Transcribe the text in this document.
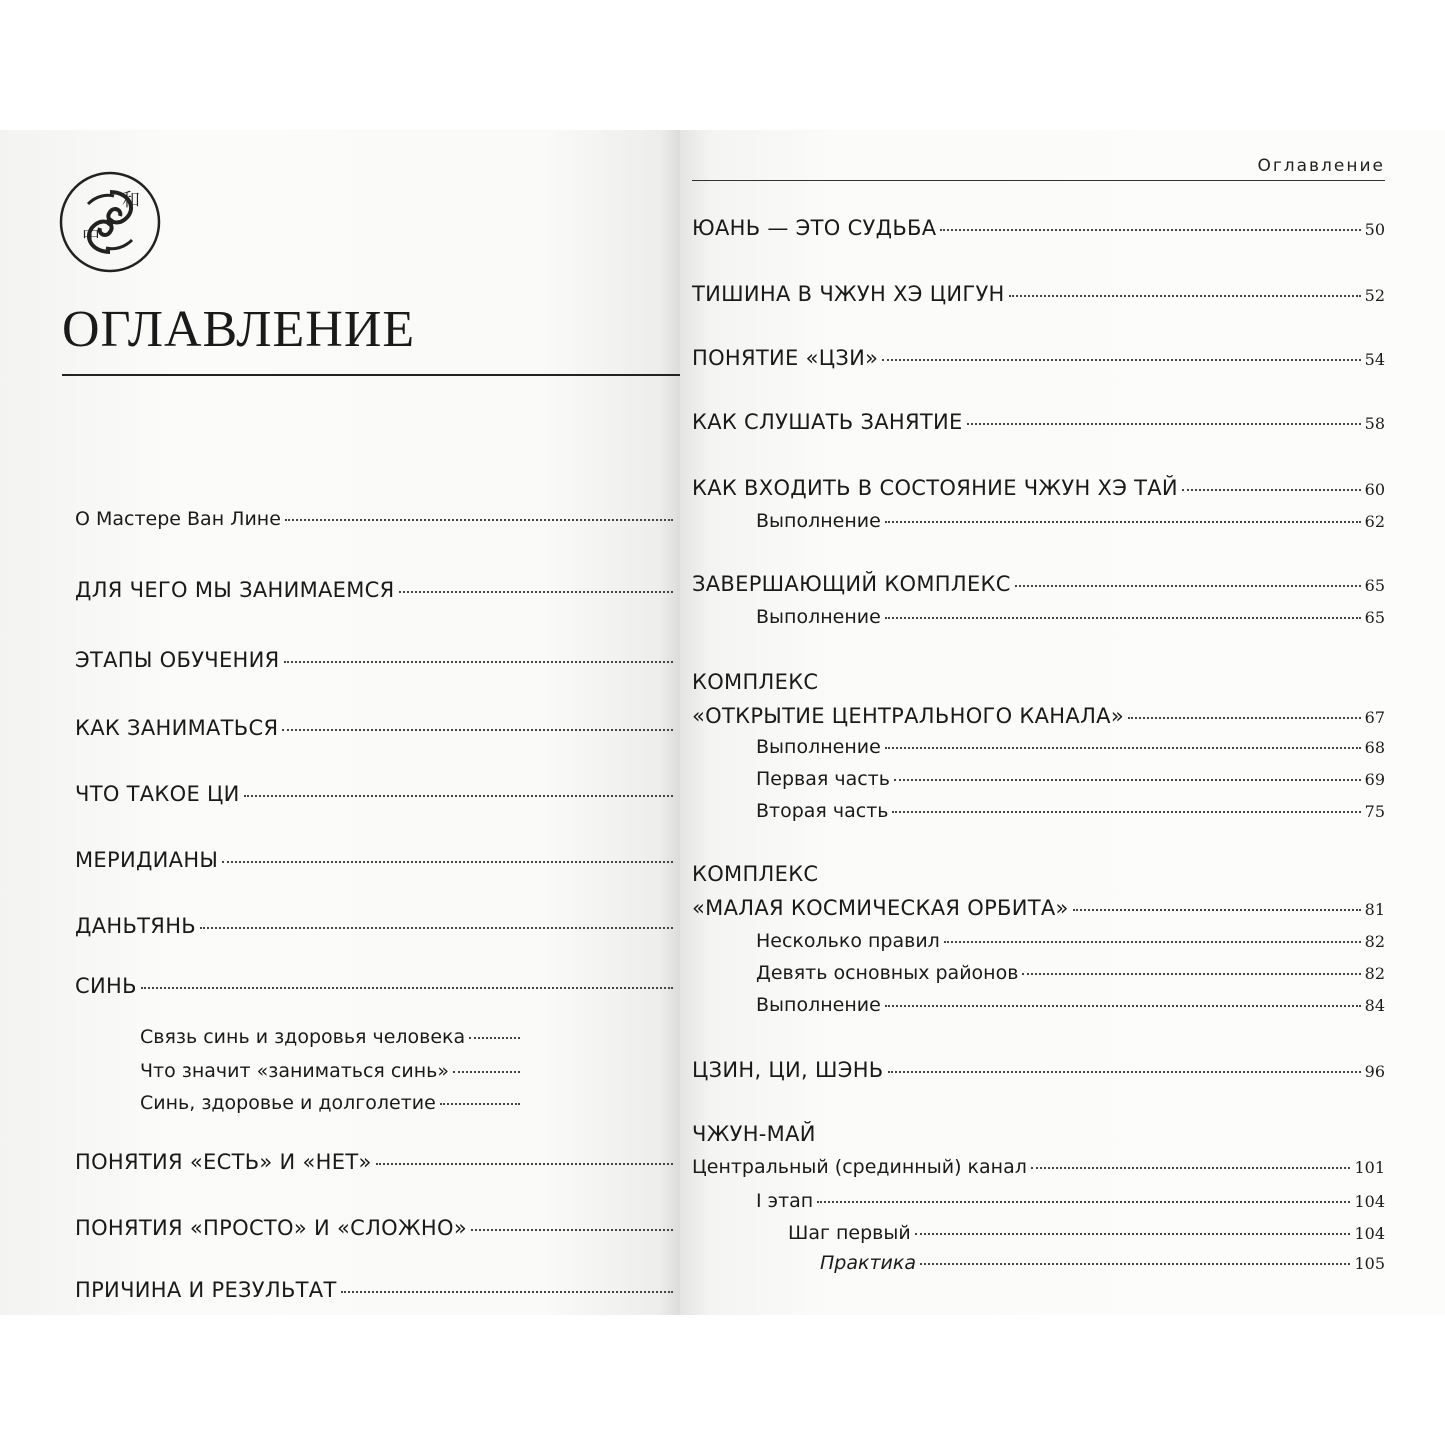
中
和
ОГЛАВЛЕНИЕ
О Мастере Ван Лине
ДЛЯ ЧЕГО МЫ ЗАНИМАЕМСЯ
ЭТАПЫ ОБУЧЕНИЯ
КАК ЗАНИМАТЬСЯ
ЧТО ТАКОЕ ЦИ
МЕРИДИАНЫ
ДАНЬТЯНЬ
СИНЬ
Связь синь и здоровья человека
Что значит «заниматься синь»
Синь, здоровье и долголетие
ПОНЯТИЯ «ЕСТЬ» И «НЕТ»
ПОНЯТИЯ «ПРОСТО» И «СЛОЖНО»
ПРИЧИНА И РЕЗУЛЬТАТ
Оглавление
ЮАНЬ — ЭТО СУДЬБА	50
ТИШИНА В ЧЖУН ХЭ ЦИГУН	52
ПОНЯТИЕ «ЦЗИ»	54
КАК СЛУШАТЬ ЗАНЯТИЕ	58
КАК ВХОДИТЬ В СОСТОЯНИЕ ЧЖУН ХЭ ТАЙ	60
Выполнение	62
ЗАВЕРШАЮЩИЙ КОМПЛЕКС	65
Выполнение	65
КОМПЛЕКС
«ОТКРЫТИЕ ЦЕНТРАЛЬНОГО КАНАЛА»	67
Выполнение	68
Первая часть	69
Вторая часть	75
КОМПЛЕКС
«МАЛАЯ КОСМИЧЕСКАЯ ОРБИТА»	81
Несколько правил	82
Девять основных районов	82
Выполнение	84
ЦЗИН, ЦИ, ШЭНЬ	96
ЧЖУН-МАЙ
Центральный (срединный) канал	101
I этап	104
Шаг первый	104
Практика	105
